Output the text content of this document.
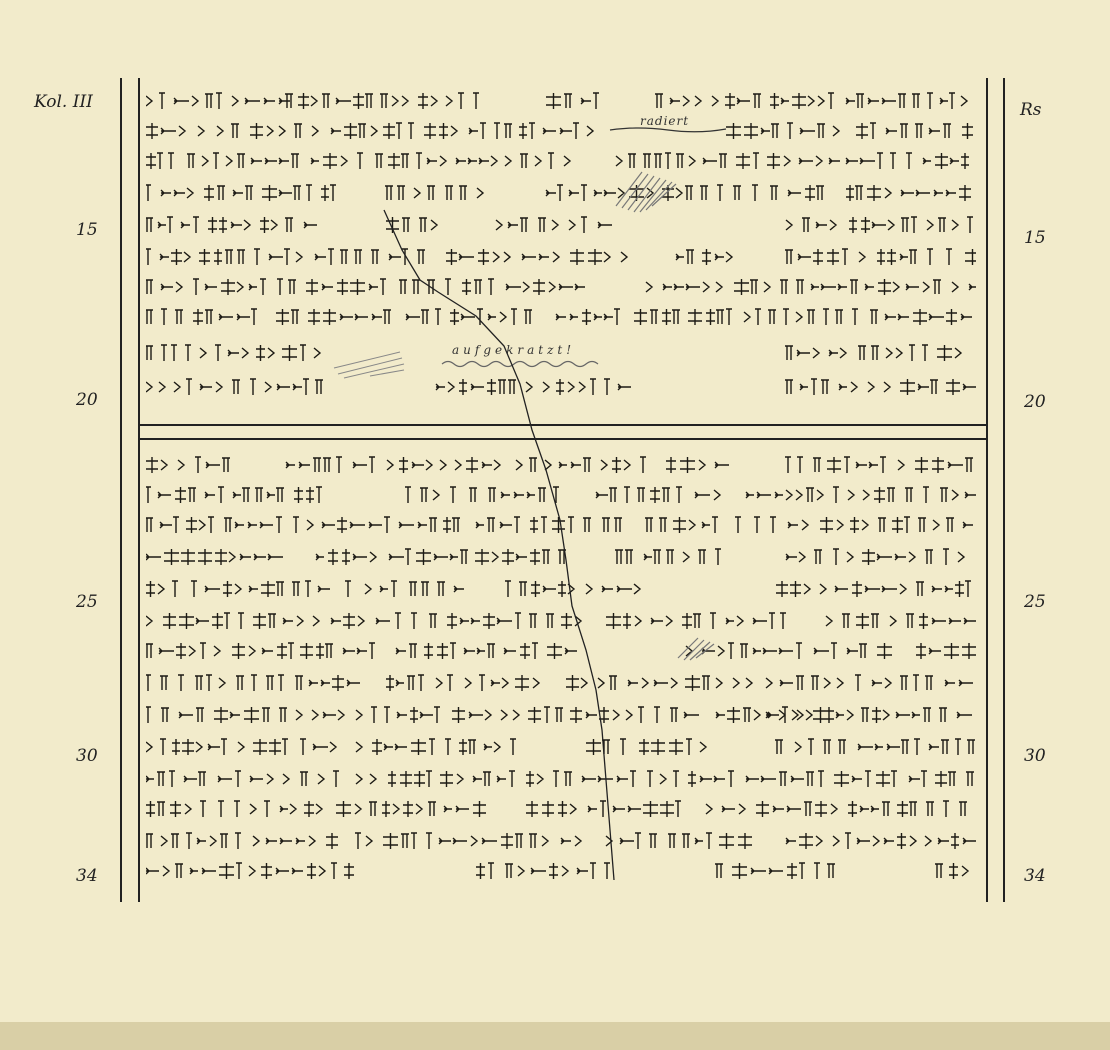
Kol. III	Rs
15	15
20	20
25	25
30	30
34	34
radiert
aufgekratzt!
